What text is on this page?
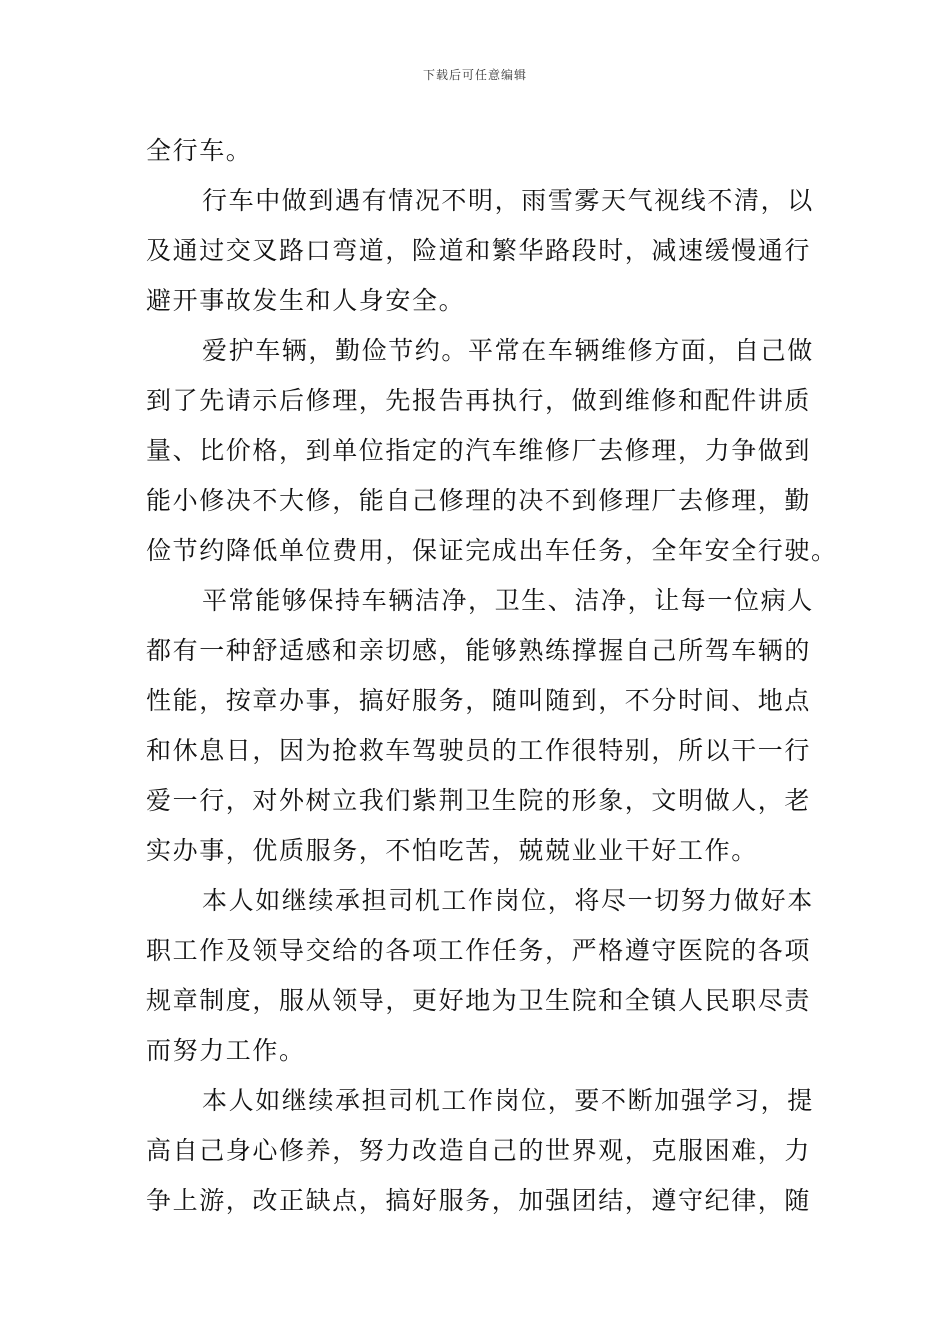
下载后可任意编辑
全行车。
行车中做到遇有情况不明，雨雪雾天气视线不清，以
及通过交叉路口弯道，险道和繁华路段时，减速缓慢通行
避开事故发生和人身安全。
爱护车辆，勤俭节约。平常在车辆维修方面，自己做
到了先请示后修理，先报告再执行，做到维修和配件讲质
量、比价格，到单位指定的汽车维修厂去修理，力争做到
能小修决不大修，能自己修理的决不到修理厂去修理，勤
俭节约降低单位费用，保证完成出车任务，全年安全行驶。
平常能够保持车辆洁净，卫生、洁净，让每一位病人
都有一种舒适感和亲切感，能够熟练撑握自己所驾车辆的
性能，按章办事，搞好服务，随叫随到，不分时间、地点
和休息日，因为抢救车驾驶员的工作很特别，所以干一行
爱一行，对外树立我们紫荆卫生院的形象，文明做人，老
实办事，优质服务，不怕吃苦，兢兢业业干好工作。
本人如继续承担司机工作岗位，将尽一切努力做好本
职工作及领导交给的各项工作任务，严格遵守医院的各项
规章制度，服从领导，更好地为卫生院和全镇人民职尽责
而努力工作。
本人如继续承担司机工作岗位，要不断加强学习，提
高自己身心修养，努力改造自己的世界观，克服困难，力
争上游，改正缺点，搞好服务，加强团结，遵守纪律，随
